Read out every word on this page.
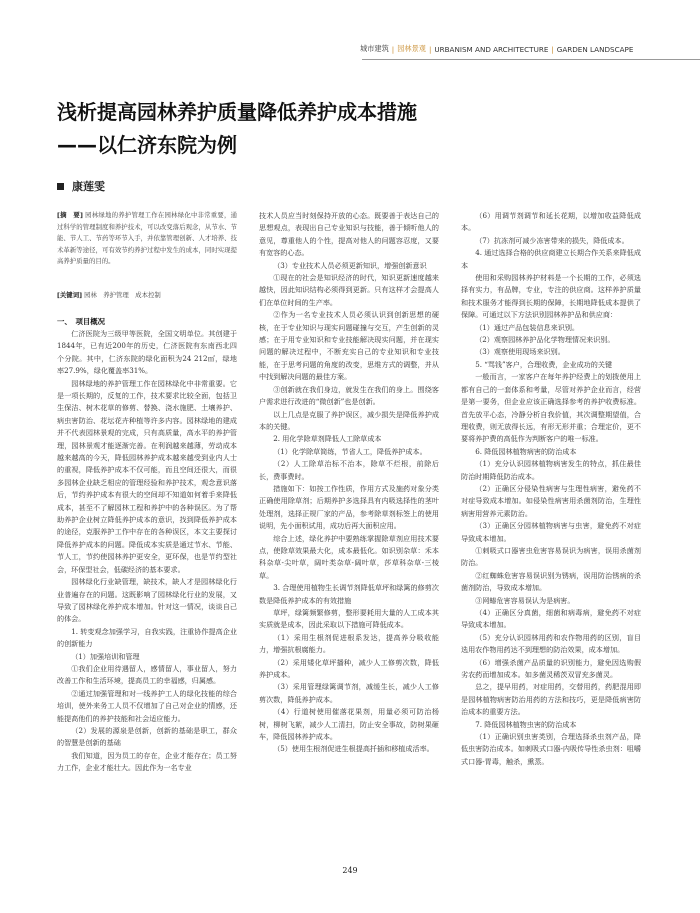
城市建筑 | 园林景观 | URBANISM AND ARCHITECTURE | GARDEN LANDSCAPE
浅析提高园林养护质量降低养护成本措施
——以仁济东院为例
康莲雯

[摘　要] 园林绿地的养护管理工作在园林绿化中非常重要，通过科学的管理制度和养护技术，可以改变落后观念，从节水、节能、节人工、节药等环节入手，并依靠管理创新、人才培养、技术革新等途径，可有效节约养护过程中发生的成本，同时实现提高养护质量的目的。

[关键词] 园林　养护管理　成本控制

一、　项目概况

仁济医院为三级甲等医院，全国文明单位。其创建于1844年，已有近200年的历史，仁济医院有东南西北四个分院。其中，仁济东院的绿化面积为24 212㎡，绿地率27.9%，绿化覆盖率31%。

园林绿地的养护管理工作在园林绿化中非常重要。它是一项长期的，反复的工作，技术要求比较全面，包括卫生保洁、树木花草的修剪、替换、浇水施肥、土壤养护、病虫害防治、花坛花卉种植等许多内容。园林绿地的建成并不代表园林景观的完成，只有高质量，高水平的养护管理，园林景观才能逐渐完善。在利润越来越薄，劳动成本越来越高的今天，降低园林养护成本越来越受到业内人士的重视，降低养护成本不仅可能，而且空间还很大，而很多园林企业缺乏相应的管理经验和养护技术，观念意识落后，节约养护成本有很大的空间却不知道如何着手来降低成本，甚至不了解园林工程和养护中的各种误区。为了帮助养护企业树立降低养护成本的意识，找到降低养护成本的途径，克服养护工作中存在的各种误区，本文主要探讨降低养护成本的问题。降低成本实质是通过节水、节能、节人工，节约使园林养护更安全，更环保，也是节约型社会，环保型社会，低碳经济的基本要求。

园林绿化行业缺管理，缺技术，缺人才是园林绿化行业普遍存在的问题。这既影响了园林绿化行业的发展，又导致了园林绿化养护成本增加。针对这一情况，谈谈自己的体会。

1. 转变观念加强学习，自我实践，注重协作提高企业的创新能力

（1）加强培训和管理

①我们企业用待遇留人，感情留人，事业留人，努力改善工作和生活环境，提高员工的幸福感，归属感。

②通过加强管理和对一线养护工人的绿化技能的综合培训，使外来务工人员不仅增加了自己对企业的情感，还能提高他们的养护技能和社会适应能力。

（2）发展的源泉是创新，创新的基础是职工，群众的智慧是创新的基础

我们知道，因为员工的存在，企业才能存在；员工努力工作，企业才能壮大。因此作为一名专业

技术人员应当时刻保持开放的心态。既要善于表达自己的思想观点，表现出自己专业知识与技能，善于倾听他人的意见，尊重他人的个性，提高对他人的问题容忍度，又要有宽容的心态。

（3）专业技术人员必须更新知识，增强创新意识

①现在的社会是知识经济的时代，知识更新速度越来越快，因此知识结构必须得到更新。只有这样才会提高人们在单位时间的生产率。

②作为一名专业技术人员必须认识到创新思想的硬核，在于专业知识与现实问题碰撞与交互，产生创新的灵感；在于用专业知识和专业技能解决现实问题，并在现实问题的解决过程中，不断充实自己的专业知识和专业技能，在于思考问题的角度的改变，思维方式的调整，并从中找到解决问题的最佳方案。

③创新就在我们身边，就发生在我们的身上。围绕客户需求进行改进的“微创新”也是创新。

以上几点是克服了养护误区，减少损失是降低养护成本的关键。

2. 用化学除草剂降低人工除草成本

（1）化学除草简练，节省人工，降低养护成本。

（2）人工除草治标不治本，除草不烂根，前除后长，费事费时。

措施如下：如按工作性质，作用方式及施药对象分类正确使用除草剂；后期养护多选择具有内吸选择性的茎叶处理剂，选择正规厂家的产品，参考除草剂标签上的使用说明，先小面积试用，成功后再大面积应用。

综合上述，绿化养护中要熟练掌握除草剂应用技术要点，使除草效果最大化，成本最低化。如识别杂草：禾本科杂草-尖叶草，阔叶类杂草-阔叶草，莎草科杂草-三棱草。

3. 合理使用植物生长调节剂降低草坪和绿篱的修剪次数是降低养护成本的有效措施

草坪，绿篱频繁修剪，整形要耗用大量的人工成本其实质就是成本，因此采取以下措施可降低成本。

（1）采用生根剂促进根系发达，提高养分吸收能力，增强抗根腐能力。

（2）采用矮化草坪播种，减少人工修剪次数，降低养护成本。

（3）采用管理绿篱调节剂，减缓生长，减少人工修剪次数，降低养护成本。

（4）行道树使用催落花果剂，用量必须可防治杨树，柳树飞絮，减少人工清扫，防止安全事故，防树果砸车，降低园林养护成本。

（5）使用生根剂促进生根提高扦插和移植成活率。

（6）用调节剂调节和延长花期，以增加收益降低成本。

（7）抗冻剂可减少冻害带来的损失，降低成本。

4. 通过选择合格的供应商建立长期合作关系来降低成本

使用和采购园林养护材料是一个长期的工作，必须选择有实力，有品牌，专业，专注的供应商。这样养护质量和技术服务才能得到长期的保障，长期地降低成本提供了保障。可通过以下方法识别园林养护品和供应商：

（1）通过产品包装信息来识别。

（2）观察园林养护品化学物理情况来识别。

（3）观察使用现场来识别。

5. “骂钱”客户，合理收费，企业成功的关键

一般而言，一家客户在每年养护经费上的划拨使用上都有自己的一套体系和考量，尽管对养护企业而言，经营是第一要务，但企业应该正确选择参考的养护收费标准。首先放平心态，冷静分析自我价值，其次调整期望值，合理收费，则无放得长远，有形无形并重；合理定价，更不要将养护费的高低作为判断客户的唯一标准。

6. 降低园林植物病害的防治成本

（1）充分认识园林植物病害发生的特点，抓住最佳防治时期降低防治成本。

（2）正确区分侵染性病害与生理性病害，避免药不对症导致成本增加。如侵染性病害用杀菌剂防治，生理性病害用营养元素防治。

（3）正确区分园林植物病害与虫害，避免药不对症导致成本增加。

①刺吸式口器害虫危害容易误识为病害，误用杀菌剂防治。

②红蜘蛛危害容易误识别为锈病，误用防治锈病的杀菌剂防治，导致成本增加。

③网蝽危害容易误认为是病害。

（4）正确区分真菌，细菌和病毒病，避免药不对症导致成本增加。

（5）充分认识园林用药和农作物用药的区别，盲目选用农作物用药达不到理想的防治效果，成本增加。

（6）增强杀菌产品质量的识别能力，避免因选购假劣农药而增加成本。如多菌灵稀茨双冒充多菌灵。

总之，提早用药，对症用药，交替用药，药肥混用即是园林植物病害防治用药的方法和技巧，更是降低病害防治成本的重要方法。

7. 降低园林植物虫害的防治成本

（1）正确识别虫害类别，合理选择杀虫剂产品，降低虫害防治成本。如刺吸式口器-内吸传导性杀虫剂：咀嚼式口器-胃毒，触杀，熏蒸。

249
